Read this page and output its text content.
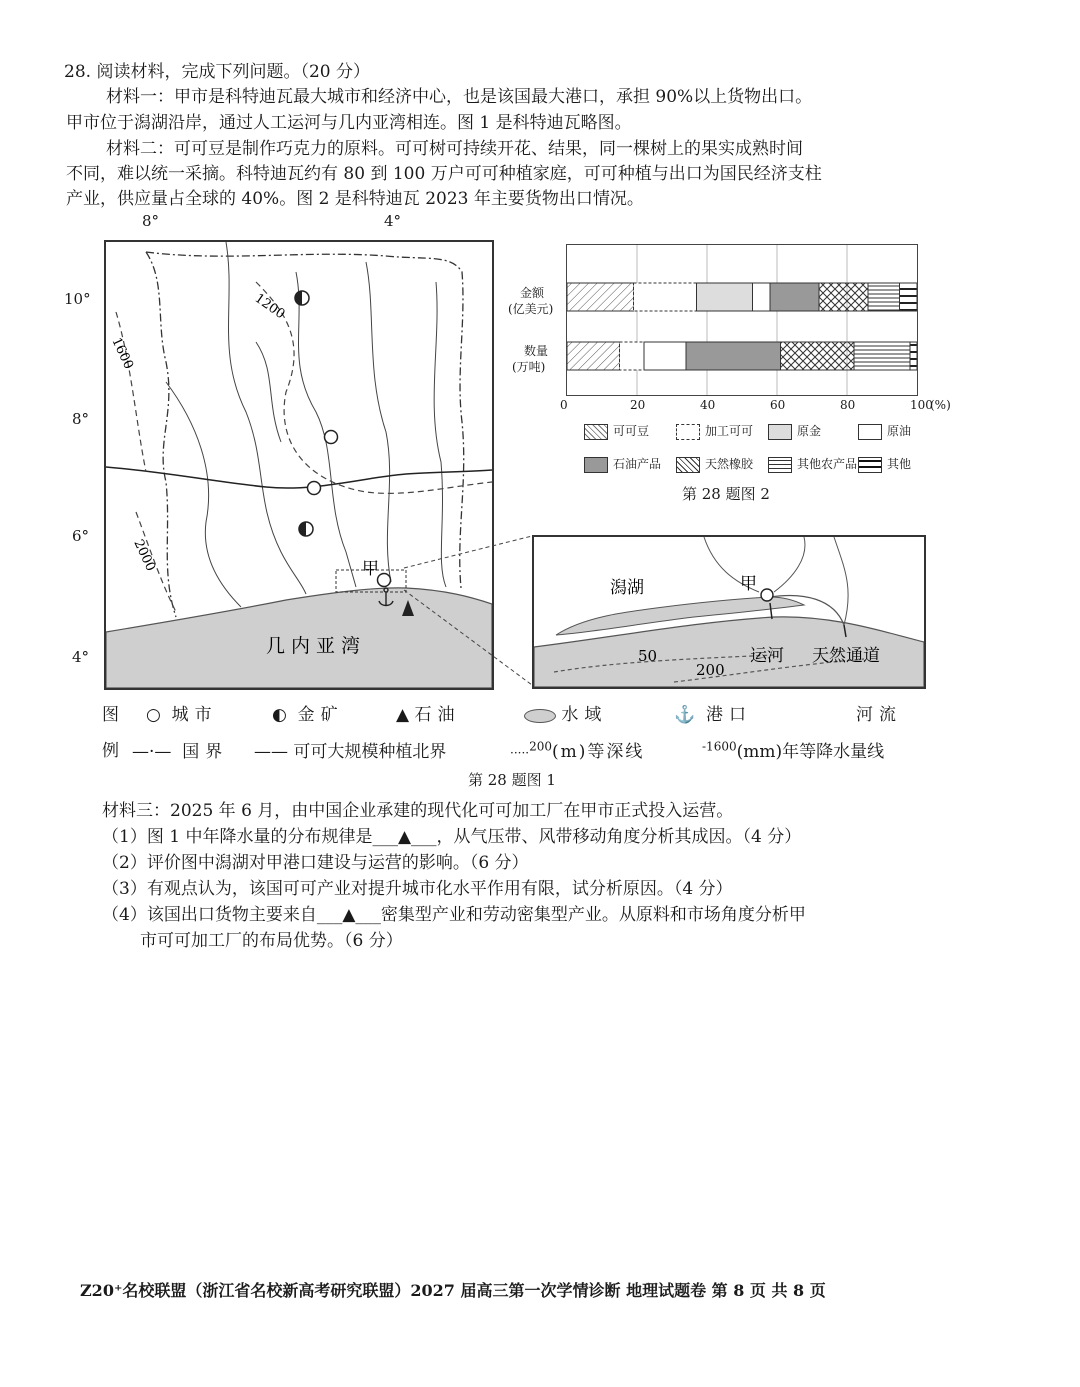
28. 阅读材料，完成下列问题。（20 分）
材料一：甲市是科特迪瓦最大城市和经济中心，也是该国最大港口，承担 90%以上货物出口。
甲市位于潟湖沿岸，通过人工运河与几内亚湾相连。图 1 是科特迪瓦略图。
材料二：可可豆是制作巧克力的原料。可可树可持续开花、结果，同一棵树上的果实成熟时间
不同，难以统一采摘。科特迪瓦约有 80 到 100 万户可可种植家庭，可可种植与出口为国民经济支柱
产业，供应量占全球的 40%。图 2 是科特迪瓦 2023 年主要货物出口情况。
8°	4°
10°
8°
6°
4°
1200
1600
2000	甲
几内亚湾
潟湖	甲
运河 天然通道
50
200
金额
(亿美元)
数量
(万吨)
0	20	40	60	80	100
(%)
可可豆	加工可可	原金	原油
石油产品	天然橡胶	其他农产品	其他
第 28 题图 2
图
例
○ 城市	◐ 金矿	▲ 石油	水域	⚓ 港口	河流
—·— 国界 —— 可可大规模种植北界	·····$^{200}$(m)等深线	$^{-1600}$(mm)年等降水量线
第 28 题图 1
材料三：2025 年 6 月，由中国企业承建的现代化可可加工厂在甲市正式投入运营。
（1）图 1 中年降水量的分布规律是___▲___，从气压带、风带移动角度分析其成因。（4 分）
（2）评价图中潟湖对甲港口建设与运营的影响。（6 分）
（3）有观点认为，该国可可产业对提升城市化水平作用有限，试分析原因。（4 分）
（4）该国出口货物主要来自___▲___密集型产业和劳动密集型产业。从原料和市场角度分析甲
市可可加工厂的布局优势。（6 分）
Z20⁺名校联盟（浙江省名校新高考研究联盟）2027 届高三第一次学情诊断 地理试题卷 第 8 页 共 8 页
